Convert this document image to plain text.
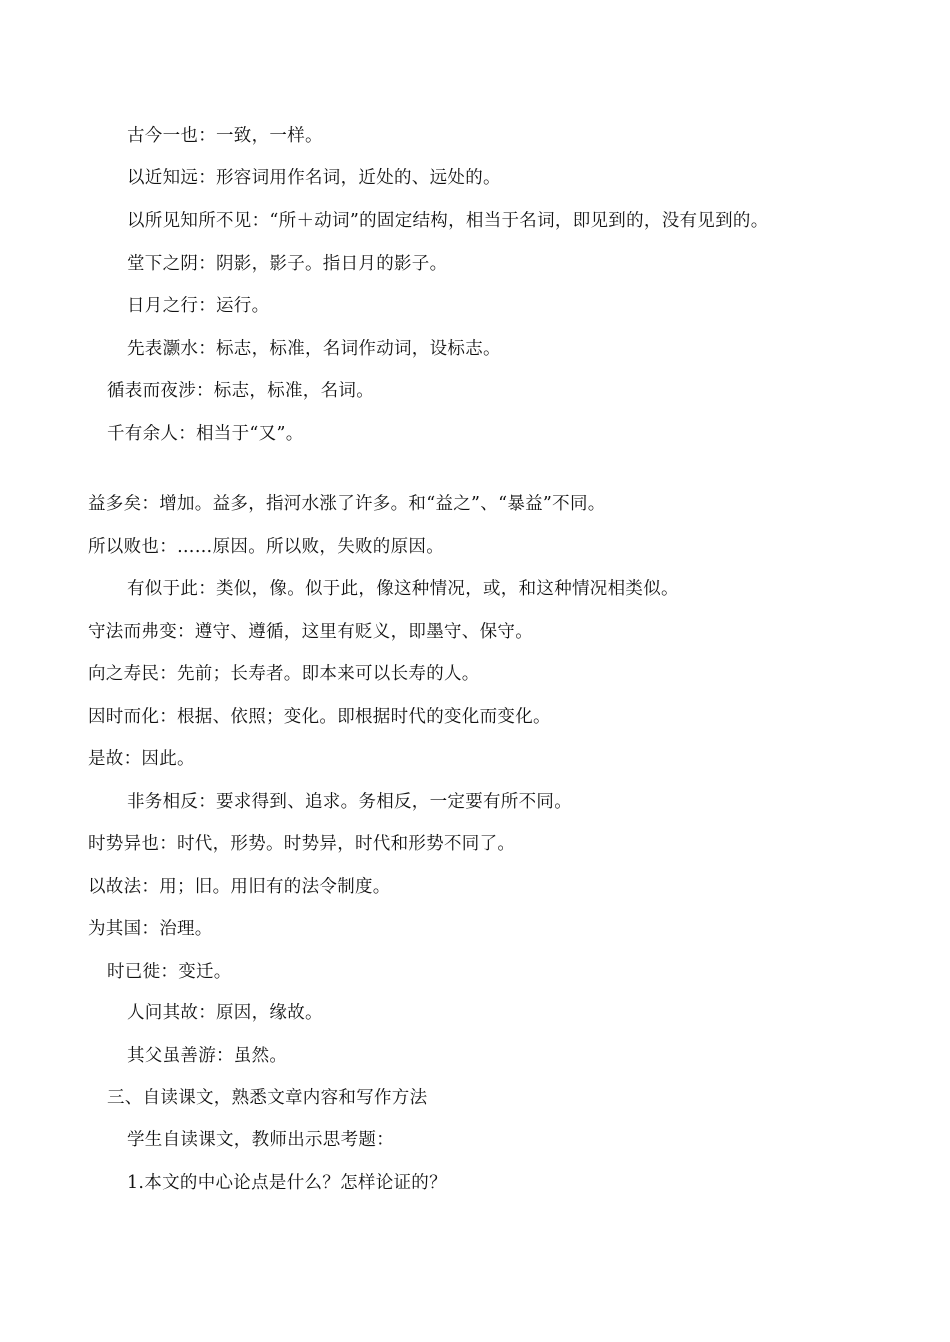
古今一也：一致，一样。
以近知远：形容词用作名词，近处的、远处的。
以所见知所不见：“所＋动词”的固定结构，相当于名词，即见到的，没有见到的。
堂下之阴：阴影，影子。指日月的影子。
日月之行：运行。
先表灏水：标志，标准，名词作动词，设标志。
循表而夜涉：标志，标准，名词。
千有余人：相当于“又”。
益多矣：增加。益多，指河水涨了许多。和“益之”、“暴益”不同。
所以败也：……原因。所以败，失败的原因。
有似于此：类似，像。似于此，像这种情况，或，和这种情况相类似。
守法而弗变：遵守、遵循，这里有贬义，即墨守、保守。
向之寿民：先前；长寿者。即本来可以长寿的人。
因时而化：根据、依照；变化。即根据时代的变化而变化。
是故：因此。
非务相反：要求得到、追求。务相反，一定要有所不同。
时势异也：时代，形势。时势异，时代和形势不同了。
以故法：用；旧。用旧有的法令制度。
为其国：治理。
时已徙：变迁。
人问其故：原因，缘故。
其父虽善游：虽然。
三、自读课文，熟悉文章内容和写作方法
学生自读课文，教师出示思考题：
1.本文的中心论点是什么？怎样论证的？
